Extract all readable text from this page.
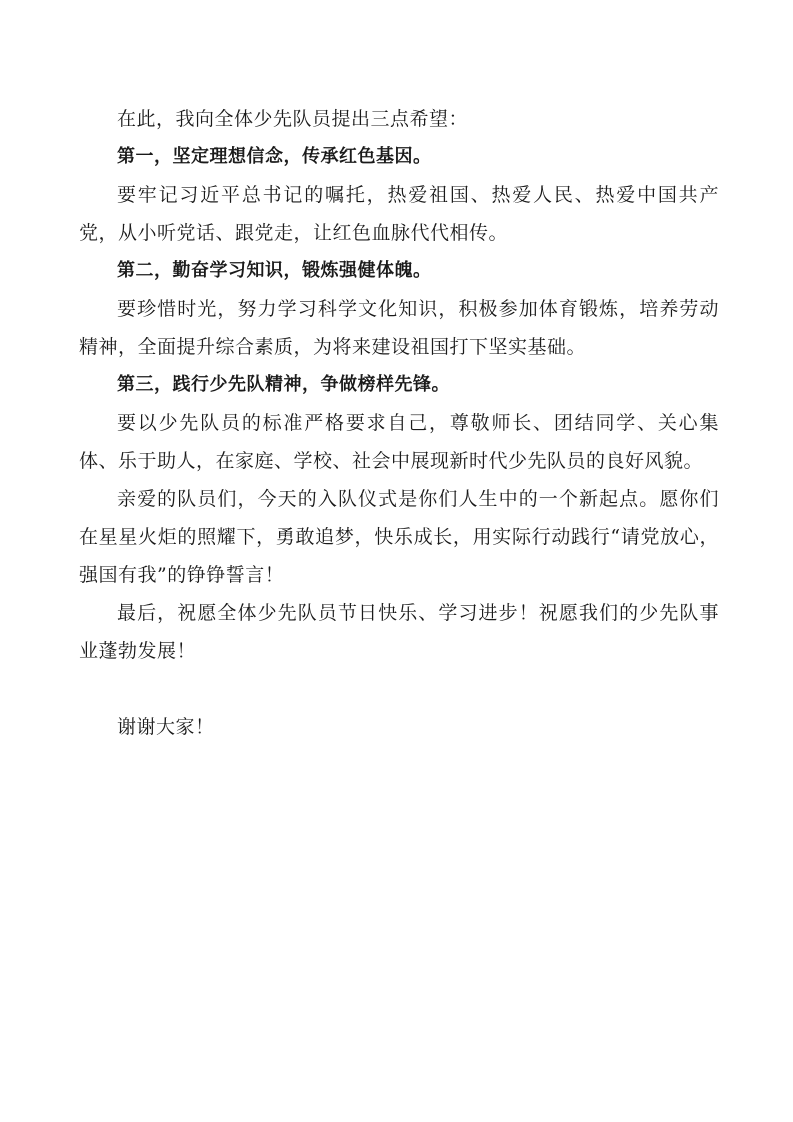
在此，我向全体少先队员提出三点希望：

第一，坚定理想信念，传承红色基因。

要牢记习近平总书记的嘱托，热爱祖国、热爱人民、热爱中国共产党，从小听党话、跟党走，让红色血脉代代相传。

第二，勤奋学习知识，锻炼强健体魄。

要珍惜时光，努力学习科学文化知识，积极参加体育锻炼，培养劳动精神，全面提升综合素质，为将来建设祖国打下坚实基础。

第三，践行少先队精神，争做榜样先锋。

要以少先队员的标准严格要求自己，尊敬师长、团结同学、关心集体、乐于助人，在家庭、学校、社会中展现新时代少先队员的良好风貌。

亲爱的队员们，今天的入队仪式是你们人生中的一个新起点。愿你们在星星火炬的照耀下，勇敢追梦，快乐成长，用实际行动践行“请党放心，强国有我”的铮铮誓言！

最后，祝愿全体少先队员节日快乐、学习进步！祝愿我们的少先队事业蓬勃发展！

谢谢大家！
